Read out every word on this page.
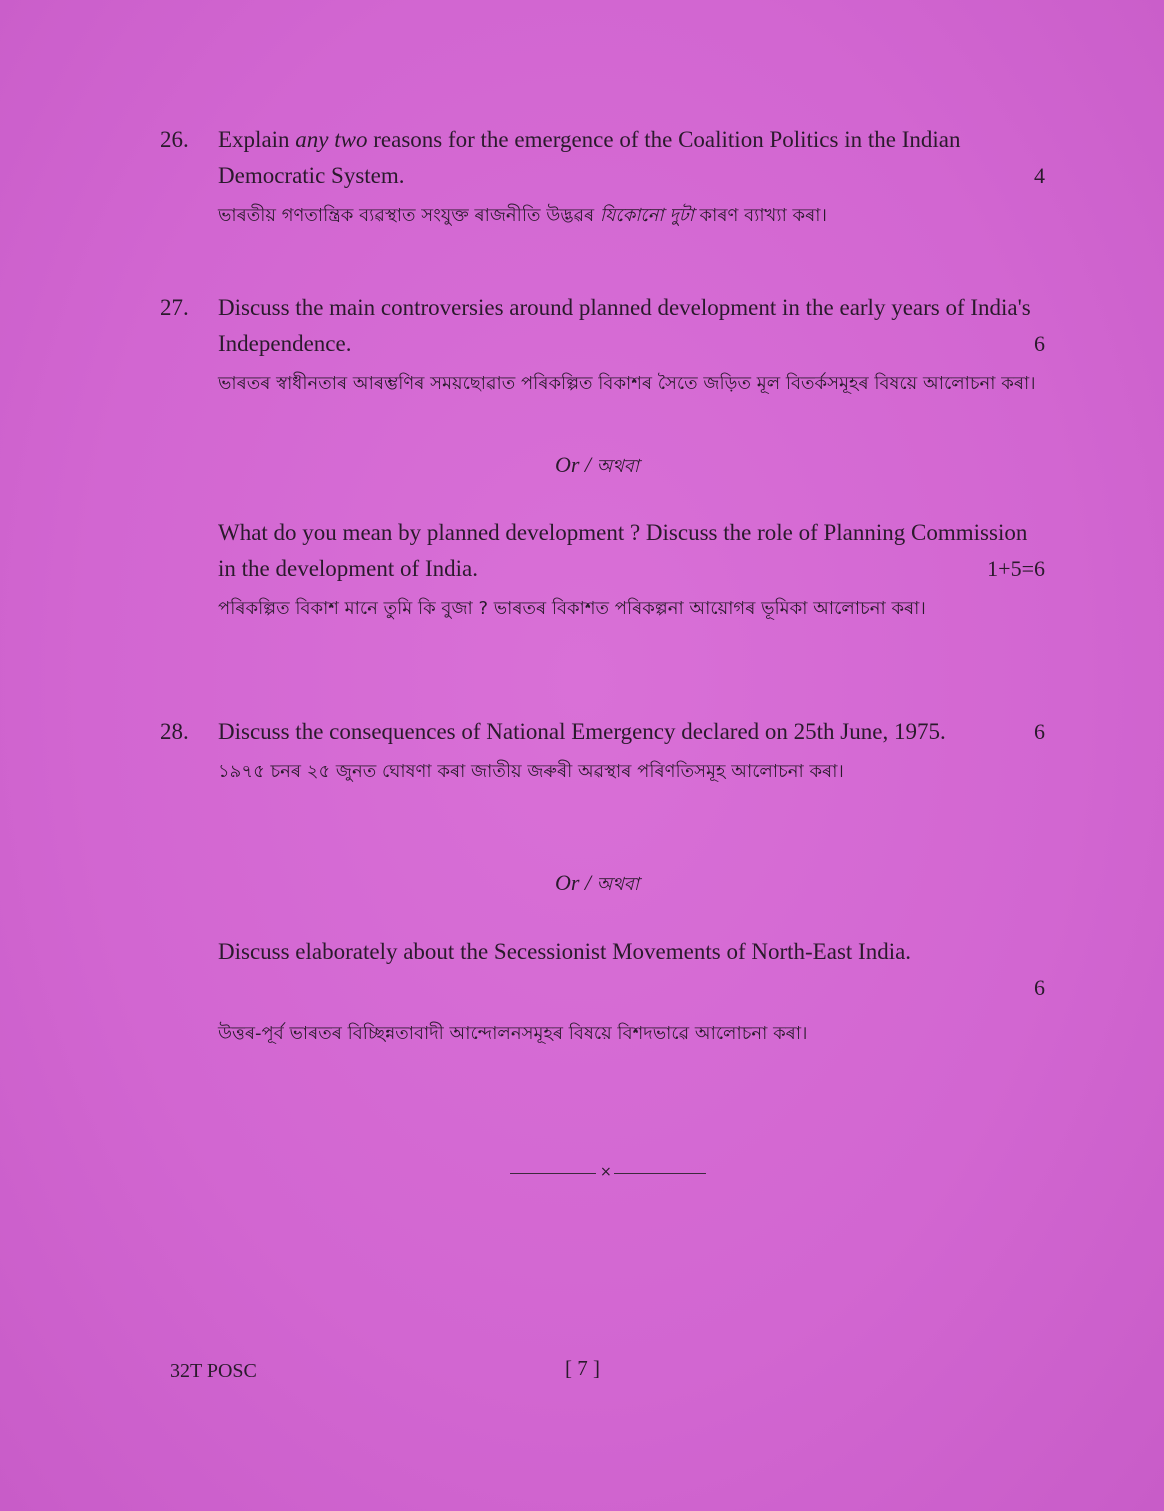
26. Explain any two reasons for the emergence of the Coalition Politics in the Indian Democratic System.	4
ভাৰতীয় গণতান্ত্ৰিক ব্যৱস্থাত সংযুক্ত ৰাজনীতি উদ্ভৱৰ যিকোনো দুটা কাৰণ ব্যাখ্যা কৰা।
27. Discuss the main controversies around planned development in the early years of India's Independence.	6
ভাৰতৰ স্বাধীনতাৰ আৰম্ভণিৰ সময়ছোৱাত পৰিকল্পিত বিকাশৰ সৈতে জড়িত মূল বিতৰ্কসমূহৰ বিষয়ে আলোচনা কৰা।
Or / অথবা
What do you mean by planned development ? Discuss the role of Planning Commission in the development of India.	1+5=6
পৰিকল্পিত বিকাশ মানে তুমি কি বুজা ? ভাৰতৰ বিকাশত পৰিকল্পনা আয়োগৰ ভূমিকা আলোচনা কৰা।
28. Discuss the consequences of National Emergency declared on 25th June, 1975.	6
১৯৭৫ চনৰ ২৫ জুনত ঘোষণা কৰা জাতীয় জৰুৰী অৱস্থাৰ পৰিণতিসমূহ আলোচনা কৰা।
Or / অথবা
Discuss elaborately about the Secessionist Movements of North-East India.
6
উত্তৰ-পূৰ্ব ভাৰতৰ বিচ্ছিন্নতাবাদী আন্দোলনসমূহৰ বিষয়ে বিশদভাৱে আলোচনা কৰা।
×
32T POSC	[ 7 ]
